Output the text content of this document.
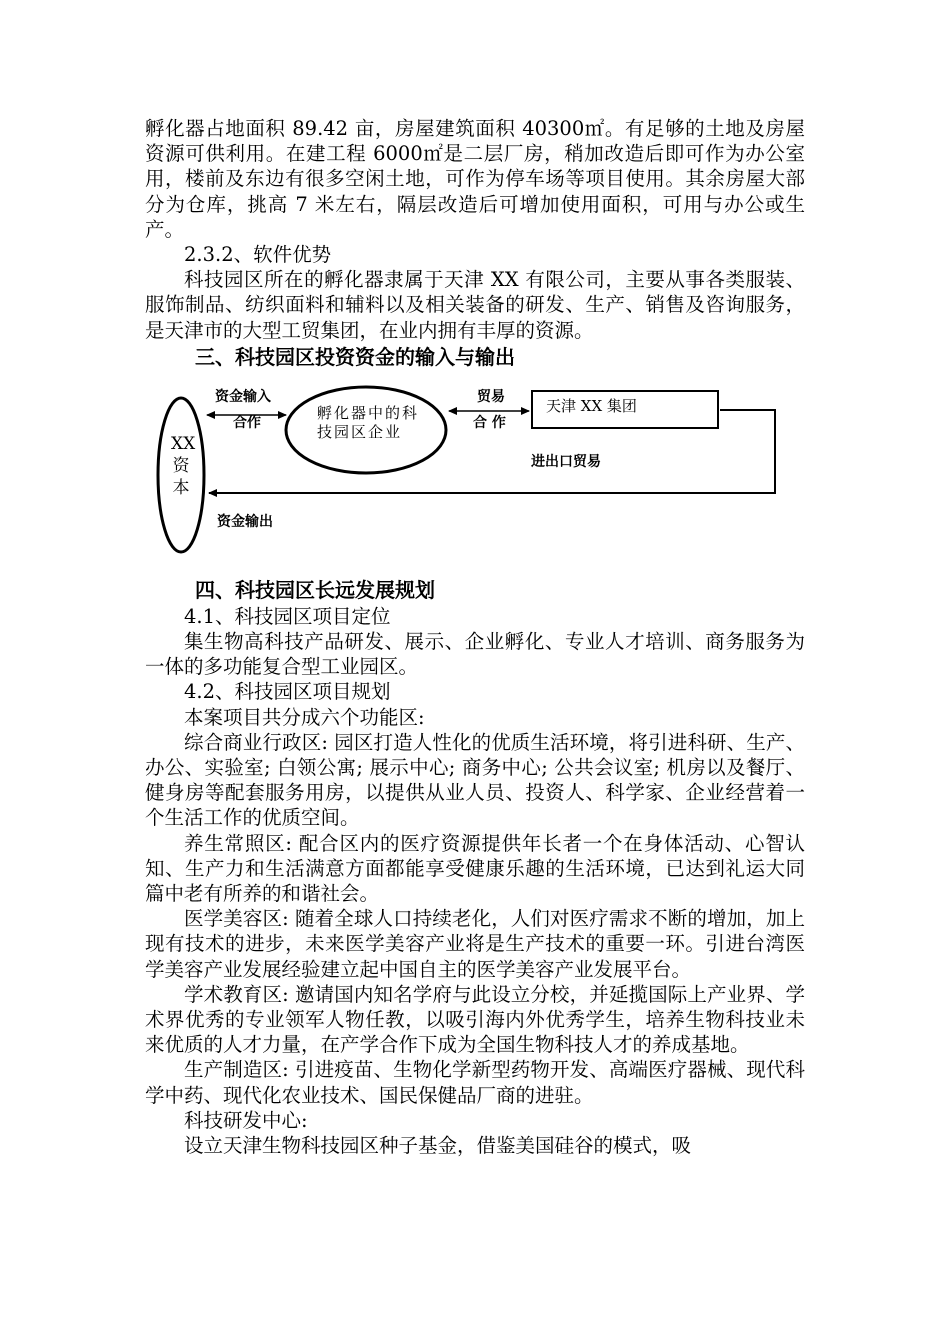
孵化器占地面积 89.42 亩，房屋建筑面积 40300㎡。有足够的土地及房屋资源可供利用。在建工程 6000㎡是二层厂房，稍加改造后即可作为办公室用，楼前及东边有很多空闲土地，可作为停车场等项目使用。其余房屋大部分为仓库，挑高 7 米左右，隔层改造后可增加使用面积，可用与办公或生产。

2.3.2、软件优势

科技园区所在的孵化器隶属于天津 XX 有限公司，主要从事各类服装、服饰制品、纺织面料和辅料以及相关装备的研发、生产、销售及咨询服务，是天津市的大型工贸集团，在业内拥有丰厚的资源。

三、科技园区投资资金的输入与输出

资金输入
合作
贸易
合 作
进出口贸易
资金输出
天津 XX 集团
孵化器中的科技园区企业
XX资本

四、科技园区长远发展规划

4.1、科技园区项目定位

集生物高科技产品研发、展示、企业孵化、专业人才培训、商务服务为一体的多功能复合型工业园区。

4.2、科技园区项目规划

本案项目共分成六个功能区:

综合商业行政区: 园区打造人性化的优质生活环境，将引进科研、生产、办公、实验室; 白领公寓; 展示中心; 商务中心; 公共会议室; 机房以及餐厅、健身房等配套服务用房，以提供从业人员、投资人、科学家、企业经营着一个生活工作的优质空间。

养生常照区: 配合区内的医疗资源提供年长者一个在身体活动、心智认知、生产力和生活满意方面都能享受健康乐趣的生活环境，已达到礼运大同篇中老有所养的和谐社会。

医学美容区: 随着全球人口持续老化，人们对医疗需求不断的增加，加上现有技术的进步，未来医学美容产业将是生产技术的重要一环。引进台湾医学美容产业发展经验建立起中国自主的医学美容产业发展平台。

学术教育区: 邀请国内知名学府与此设立分校，并延揽国际上产业界、学术界优秀的专业领军人物任教，以吸引海内外优秀学生，培养生物科技业未来优质的人才力量，在产学合作下成为全国生物科技人才的养成基地。

生产制造区: 引进疫苗、生物化学新型药物开发、高端医疗器械、现代科学中药、现代化农业技术、国民保健品厂商的进驻。

科技研发中心:

设立天津生物科技园区种子基金，借鉴美国硅谷的模式，吸
